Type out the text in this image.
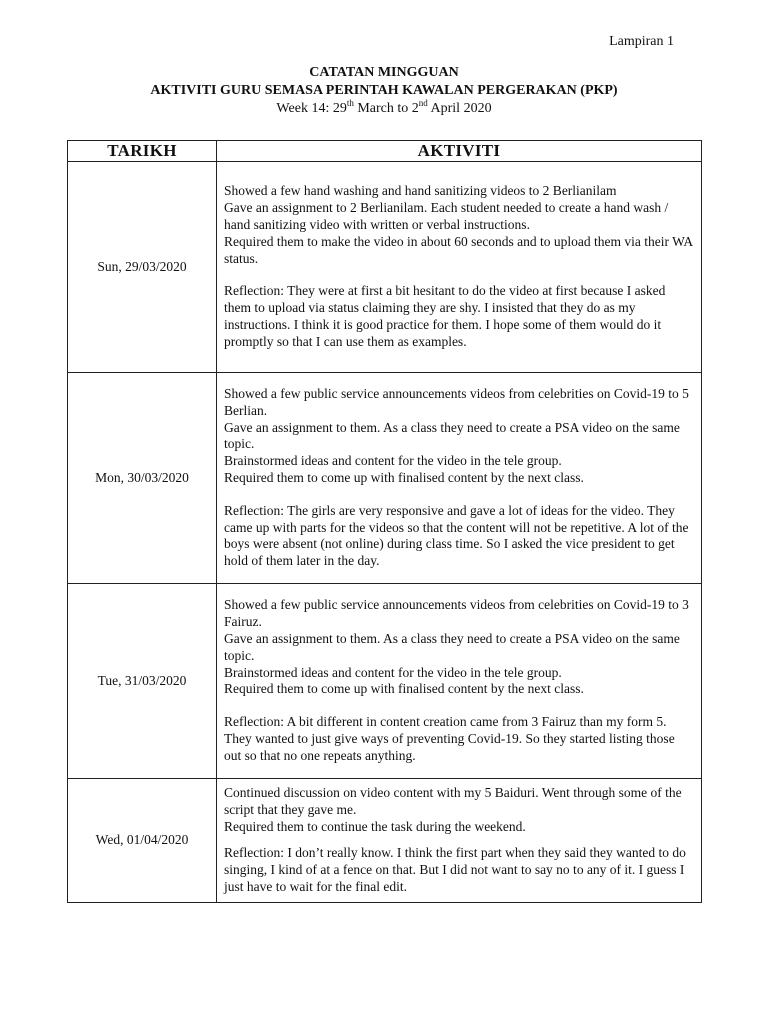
Lampiran 1
CATATAN MINGGUAN
AKTIVITI GURU SEMASA PERINTAH KAWALAN PERGERAKAN (PKP)
Week 14: 29th March to 2nd April 2020
TARIKH	AKTIVITI
Sun, 29/03/2020	Showed a few hand washing and hand sanitizing videos to 2 Berlianilam
Gave an assignment to 2 Berlianilam. Each student needed to create a hand wash / hand sanitizing video with written or verbal instructions.
Required them to make the video in about 60 seconds and to upload them via their WA status.

Reflection: They were at first a bit hesitant to do the video at first because I asked them to upload via status claiming they are shy. I insisted that they do as my instructions. I think it is good practice for them. I hope some of them would do it promptly so that I can use them as examples.

Mon, 30/03/2020	Showed a few public service announcements videos from celebrities on Covid-19 to 5 Berlian.
Gave an assignment to them. As a class they need to create a PSA video on the same topic.
Brainstormed ideas and content for the video in the tele group.
Required them to come up with finalised content by the next class.

Reflection: The girls are very responsive and gave a lot of ideas for the video. They came up with parts for the videos so that the content will not be repetitive. A lot of the boys were absent (not online) during class time. So I asked the vice president to get hold of them later in the day.

Tue, 31/03/2020	Showed a few public service announcements videos from celebrities on Covid-19 to 3 Fairuz.
Gave an assignment to them. As a class they need to create a PSA video on the same topic.
Brainstormed ideas and content for the video in the tele group.
Required them to come up with finalised content by the next class.

Reflection: A bit different in content creation came from 3 Fairuz than my form 5. They wanted to just give ways of preventing Covid-19. So they started listing those out so that no one repeats anything.

Wed, 01/04/2020	Continued discussion on video content with my 5 Baiduri. Went through some of the script that they gave me.
Required them to continue the task during the weekend.

Reflection: I don’t really know. I think the first part when they said they wanted to do singing, I kind of at a fence on that. But I did not want to say no to any of it. I guess I just have to wait for the final edit.
